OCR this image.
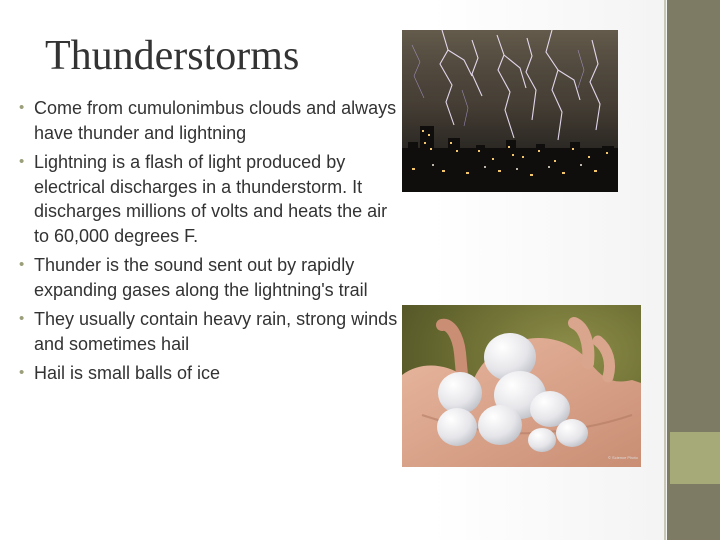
Thunderstorms
• Come from cumulonimbus clouds and always have thunder and lightning
• Lightning is a flash of light produced by electrical discharges in a thunderstorm. It discharges millions of volts and heats the air to 60,000 degrees F.
• Thunder is the sound sent out by rapidly expanding gases along the lightning's trail
• They usually contain heavy rain, strong winds and sometimes hail
• Hail is small balls of ice
© Science Photo
